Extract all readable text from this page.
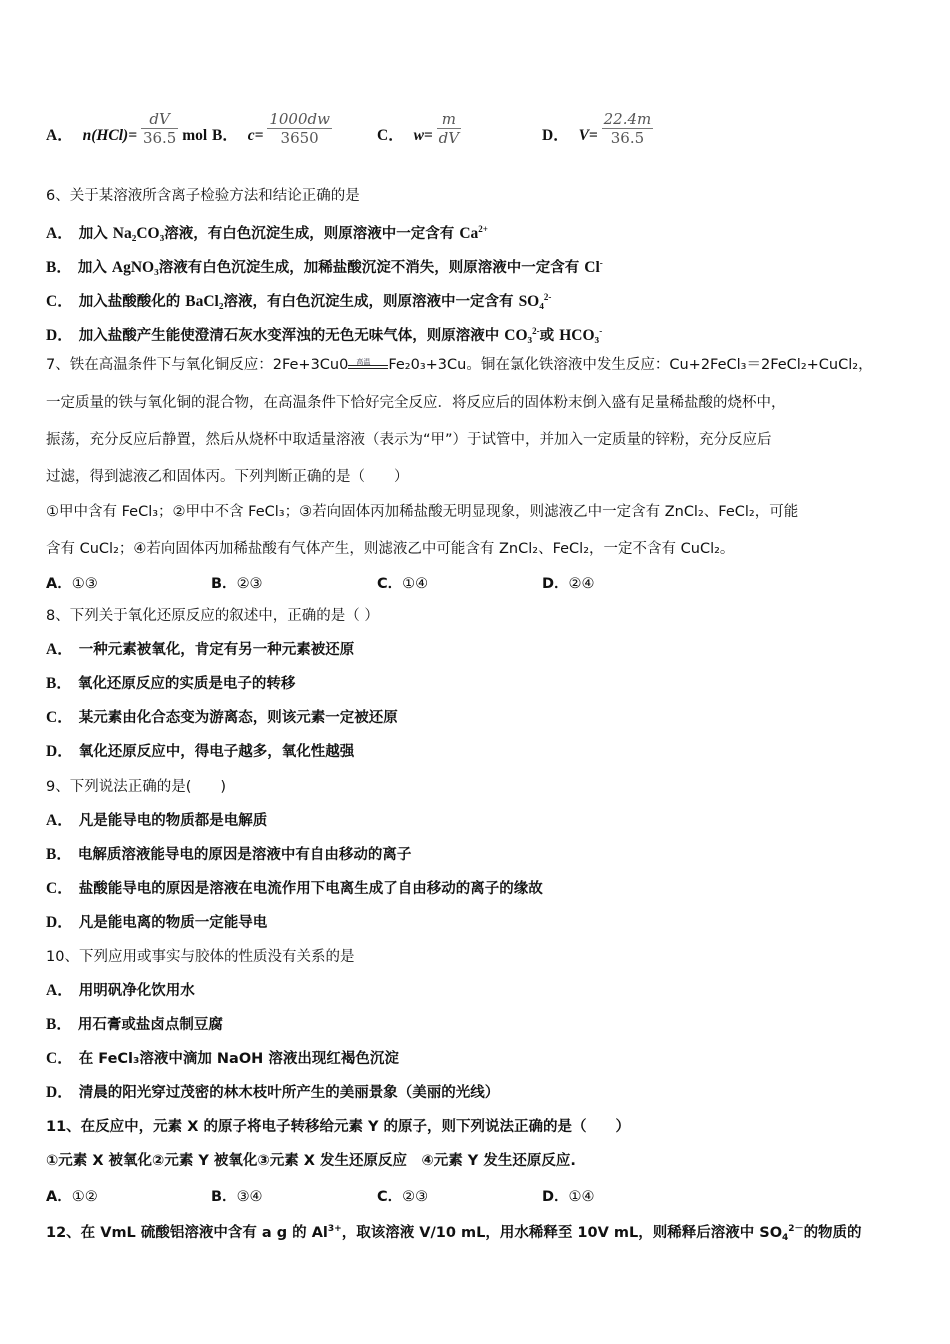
A． $n(HCl)= \frac{dV}{36.5}$ mol B． $c= \frac{1000dw}{3650}$	C． $w= \frac{m}{dV}$	D． $V= \frac{22.4m}{36.5}$
6、关于某溶液所含离子检验方法和结论正确的是
A． 加入 Na₂CO₃溶液，有白色沉淀生成，则原溶液中一定含有 $Ca^{2+}$
B． 加入 AgNO₃溶液有白色沉淀生成，加稀盐酸沉淀不消失，则原溶液中一定含有 Cl-
C． 加入盐酸酸化的 BaCl₂溶液，有白色沉淀生成，则原溶液中一定含有 SO₄$^{2-}$
D． 加入盐酸产生能使澄清石灰水变浑浊的无色无味气体，则原溶液中 CO₃$^{2-}$或 HCO₃-
7、铁在高温条件下与氧化铜反应：2Fe+3Cu0 高温 Fe₂0₃+3Cu。铜在氯化铁溶液中发生反应：Cu+2FeCl₃＝2FeCl₂+CuCl₂，
一定质量的铁与氧化铜的混合物，在高温条件下恰好完全反应．将反应后的固体粉末倒入盛有足量稀盐酸的烧杯中，
振荡，充分反应后静置，然后从烧杯中取适量溶液（表示为“甲”）于试管中，并加入一定质量的锌粉，充分反应后
过滤，得到滤液乙和固体丙。下列判断正确的是（　　）
①甲中含有 FeCl₃；②甲中不含 FeCl₃；③若向固体丙加稀盐酸无明显现象，则滤液乙中一定含有 ZnCl₂、FeCl₂，可能
含有 CuCl₂；④若向固体丙加稀盐酸有气体产生，则滤液乙中可能含有 ZnCl₂、FeCl₂，一定不含有 CuCl₂。
A．①③	B．②③	C．①④	D．②④
8、下列关于氧化还原反应的叙述中，正确的是（ ）
A． 一种元素被氧化，肯定有另一种元素被还原
B． 氧化还原反应的实质是电子的转移
C． 某元素由化合态变为游离态，则该元素一定被还原
D． 氧化还原反应中，得电子越多，氧化性越强
9、下列说法正确的是(　　)
A． 凡是能导电的物质都是电解质
B． 电解质溶液能导电的原因是溶液中有自由移动的离子
C． 盐酸能导电的原因是溶液在电流作用下电离生成了自由移动的离子的缘故
D． 凡是能电离的物质一定能导电
10、下列应用或事实与胶体的性质没有关系的是
A． 用明矾净化饮用水
B． 用石膏或盐卤点制豆腐
C． 在 FeCl₃溶液中滴加 NaOH 溶液出现红褐色沉淀
D． 清晨的阳光穿过茂密的林木枝叶所产生的美丽景象（美丽的光线）
11、在反应中，元素 X 的原子将电子转移给元素 Y 的原子，则下列说法正确的是（　　）
①元素 X 被氧化②元素 Y 被氧化③元素 X 发生还原反应　④元素 Y 发生还原反应.
A．①②	B．③④	C．②③	D．①④
12、在 VmL 硫酸铝溶液中含有 a g 的 $Al^{3+}$，取该溶液 V/10 mL，用水稀释至 10V mL，则稀释后溶液中 $SO_4^{2-}$的物质的
